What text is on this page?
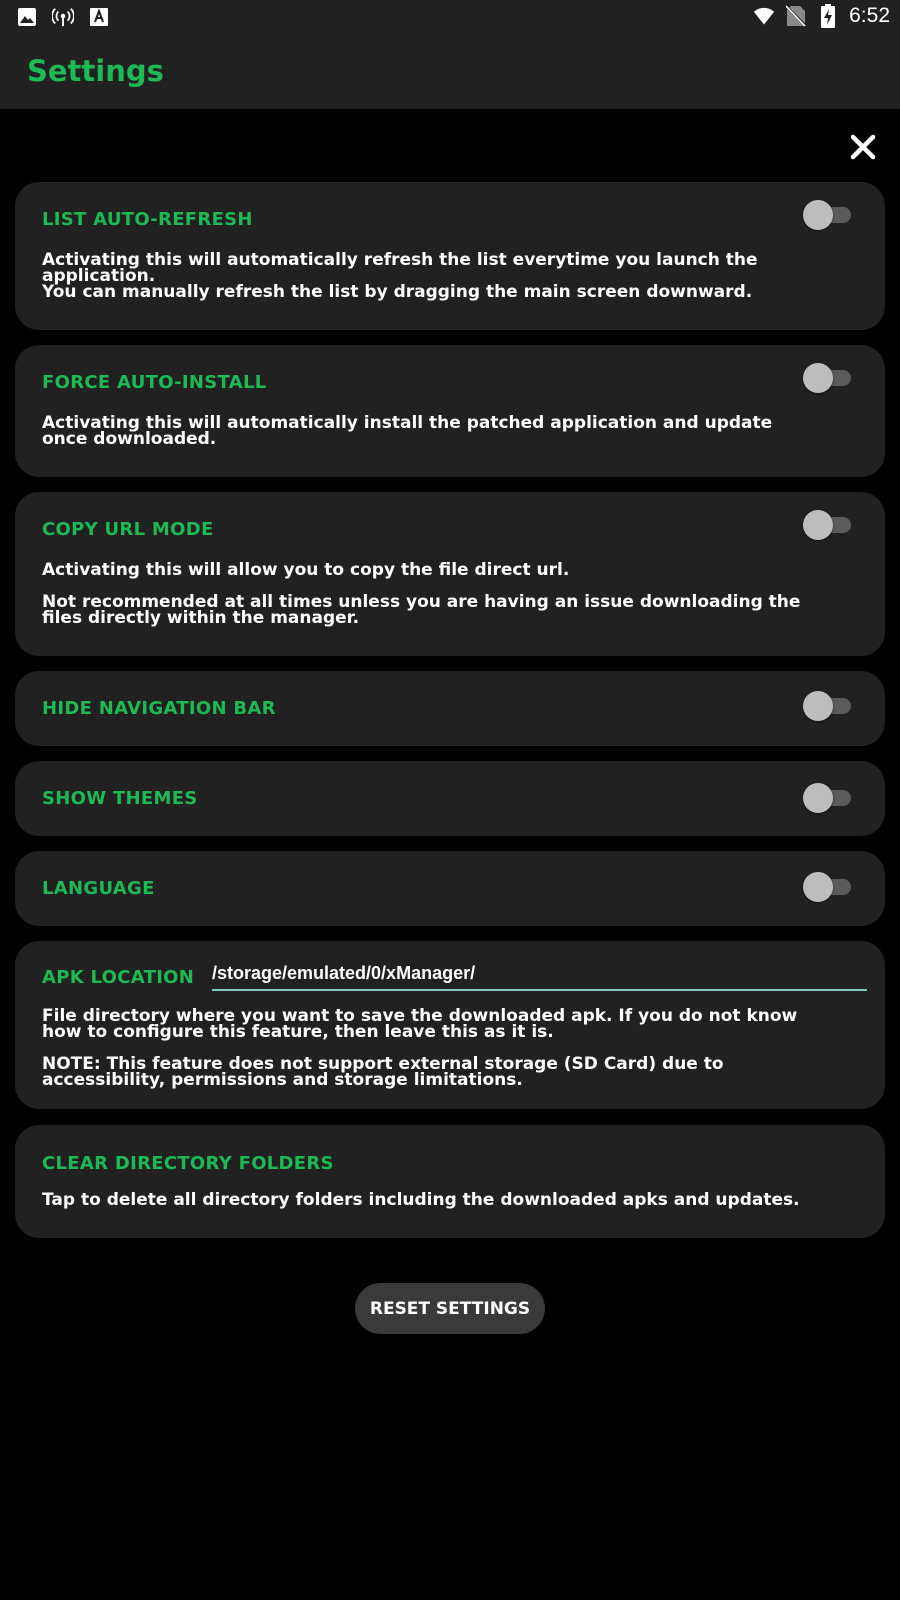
6:52
Settings
LIST AUTO-REFRESH
Activating this will automatically refresh the list everytime you launch the application.
You can manually refresh the list by dragging the main screen downward.
FORCE AUTO-INSTALL
Activating this will automatically install the patched application and update once downloaded.
COPY URL MODE
Activating this will allow you to copy the file direct url.
Not recommended at all times unless you are having an issue downloading the files directly within the manager.
HIDE NAVIGATION BAR
SHOW THEMES
LANGUAGE
APK LOCATION
/storage/emulated/0/xManager/
File directory where you want to save the downloaded apk. If you do not know how to configure this feature, then leave this as it is.
NOTE: This feature does not support external storage (SD Card) due to accessibility, permissions and storage limitations.
CLEAR DIRECTORY FOLDERS
Tap to delete all directory folders including the downloaded apks and updates.
RESET SETTINGS
